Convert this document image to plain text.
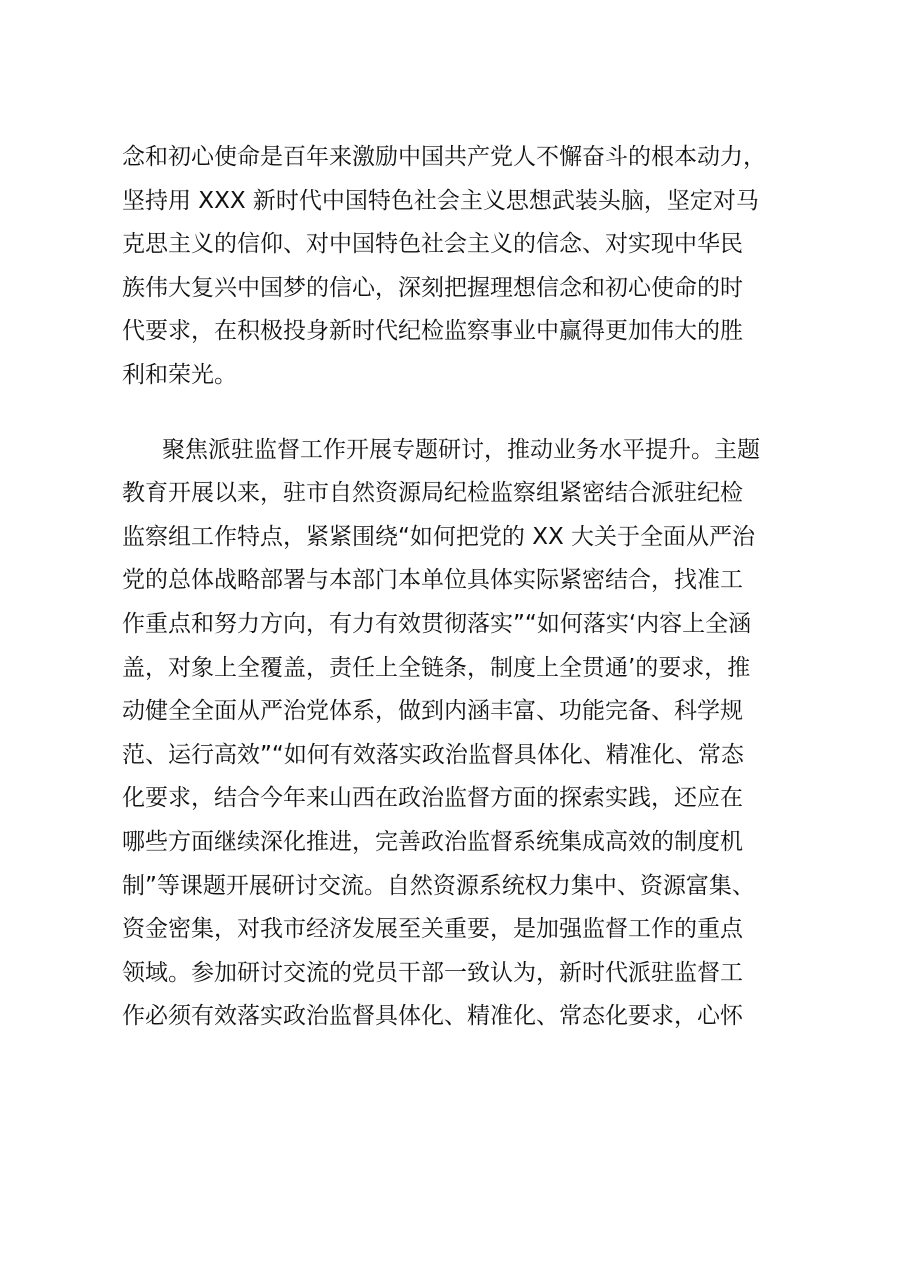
念和初心使命是百年来激励中国共产党人不懈奋斗的根本动力，
坚持用 XXX 新时代中国特色社会主义思想武装头脑，坚定对马
克思主义的信仰、对中国特色社会主义的信念、对实现中华民
族伟大复兴中国梦的信心，深刻把握理想信念和初心使命的时
代要求，在积极投身新时代纪检监察事业中赢得更加伟大的胜
利和荣光。
聚焦派驻监督工作开展专题研讨，推动业务水平提升。主题
教育开展以来，驻市自然资源局纪检监察组紧密结合派驻纪检
监察组工作特点，紧紧围绕“如何把党的 XX 大关于全面从严治
党的总体战略部署与本部门本单位具体实际紧密结合，找准工
作重点和努力方向，有力有效贯彻落实”“如何落实‘内容上全涵
盖，对象上全覆盖，责任上全链条，制度上全贯通’的要求，推
动健全全面从严治党体系，做到内涵丰富、功能完备、科学规
范、运行高效”“如何有效落实政治监督具体化、精准化、常态
化要求，结合今年来山西在政治监督方面的探索实践，还应在
哪些方面继续深化推进，完善政治监督系统集成高效的制度机
制”等课题开展研讨交流。自然资源系统权力集中、资源富集、
资金密集，对我市经济发展至关重要，是加强监督工作的重点
领域。参加研讨交流的党员干部一致认为，新时代派驻监督工
作必须有效落实政治监督具体化、精准化、常态化要求，心怀
